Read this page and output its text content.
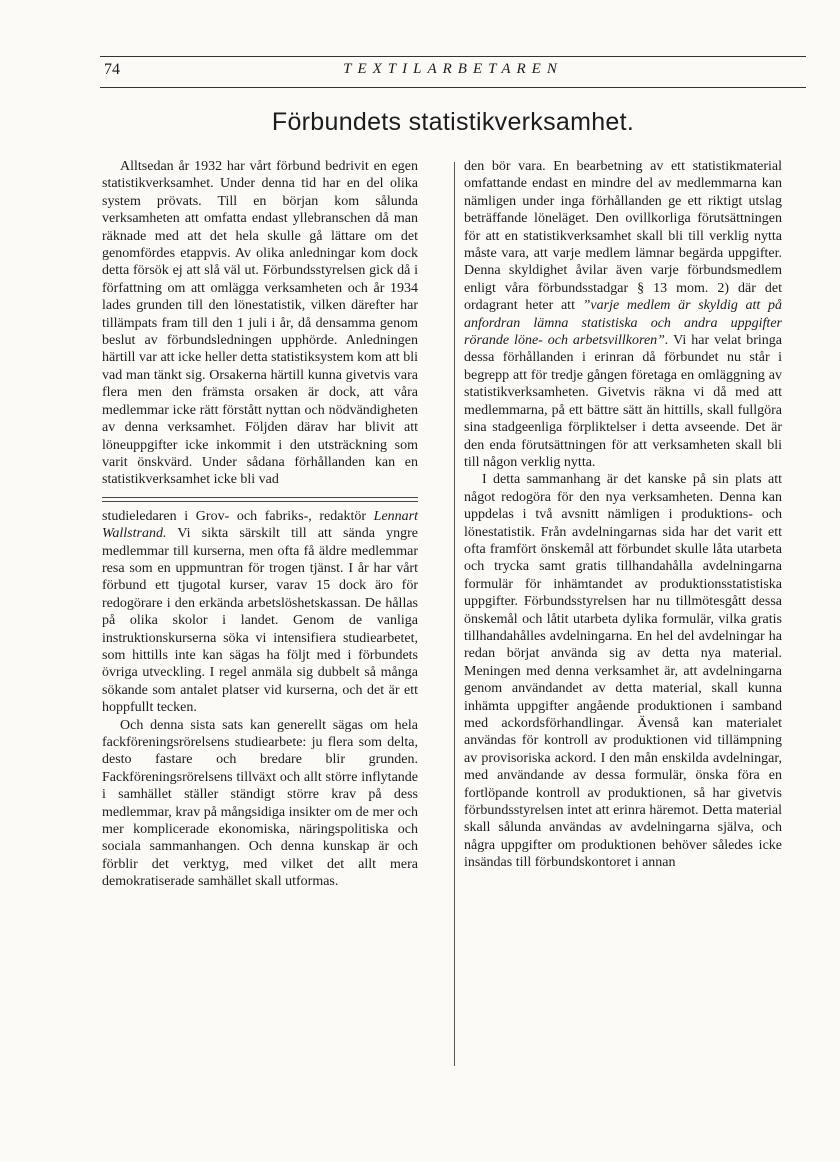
74	TEXTILARBETAREN
Förbundets statistikverksamhet.

Alltsedan år 1932 har vårt förbund bedrivit en egen statistikverksamhet. Under denna tid har en del olika system prövats. Till en början kom sålunda verksamheten att omfatta endast yllebranschen då man räknade med att det hela skulle gå lättare om det genomfördes etappvis. Av olika anledningar kom dock detta försök ej att slå väl ut. Förbundsstyrelsen gick då i författning om att omlägga verksamheten och år 1934 lades grunden till den lönestatistik, vilken därefter har tillämpats fram till den 1 juli i år, då densamma genom beslut av förbundsledningen upphörde. Anledningen härtill var att icke heller detta statistiksystem kom att bli vad man tänkt sig. Orsakerna härtill kunna givetvis vara flera men den främsta orsaken är dock, att våra medlemmar icke rätt förstått nyttan och nödvändigheten av denna verksamhet. Följden därav har blivit att löneuppgifter icke inkommit i den utsträckning som varit önskvärd. Under sådana förhållanden kan en statistikverksamhet icke bli vad

studieledaren i Grov- och fabriks-, redaktör Lennart Wallstrand. Vi sikta särskilt till att sända yngre medlemmar till kurserna, men ofta få äldre medlemmar resa som en uppmuntran för trogen tjänst. I år har vårt förbund ett tjugotal kurser, varav 15 dock äro för redogörare i den erkända arbetslöshetskassan. De hållas på olika skolor i landet. Genom de vanliga instruktionskurserna söka vi intensifiera studiearbetet, som hittills inte kan sägas ha följt med i förbundets övriga utveckling. I regel anmäla sig dubbelt så många sökande som antalet platser vid kurserna, och det är ett hoppfullt tecken.

Och denna sista sats kan generellt sägas om hela fackföreningsrörelsens studiearbete: ju flera som delta, desto fastare och bredare blir grunden. Fackföreningsrörelsens tillväxt och allt större inflytande i samhället ställer ständigt större krav på dess medlemmar, krav på mångsidiga insikter om de mer och mer komplicerade ekonomiska, näringspolitiska och sociala sammanhangen. Och denna kunskap är och förblir det verktyg, med vilket det allt mera demokratiserade samhället skall utformas.

den bör vara. En bearbetning av ett statistikmaterial omfattande endast en mindre del av medlemmarna kan nämligen under inga förhållanden ge ett riktigt utslag beträffande löneläget. Den ovillkorliga förutsättningen för att en statistikverksamhet skall bli till verklig nytta måste vara, att varje medlem lämnar begärda uppgifter. Denna skyldighet åvilar även varje förbundsmedlem enligt våra förbundsstadgar § 13 mom. 2) där det ordagrant heter att ”varje medlem är skyldig att på anfordran lämna statistiska och andra uppgifter rörande löne- och arbetsvillkoren”. Vi har velat bringa dessa förhållanden i erinran då förbundet nu står i begrepp att för tredje gången företaga en omläggning av statistikverksamheten. Givetvis räkna vi då med att medlemmarna, på ett bättre sätt än hittills, skall fullgöra sina stadgeenliga förpliktelser i detta avseende. Det är den enda förutsättningen för att verksamheten skall bli till någon verklig nytta.

I detta sammanhang är det kanske på sin plats att något redogöra för den nya verksamheten. Denna kan uppdelas i två avsnitt nämligen i produktions- och lönestatistik. Från avdelningarnas sida har det varit ett ofta framfört önskemål att förbundet skulle låta utarbeta och trycka samt gratis tillhandahålla avdelningarna formulär för inhämtandet av produktionsstatistiska uppgifter. Förbundsstyrelsen har nu tillmötesgått dessa önskemål och låtit utarbeta dylika formulär, vilka gratis tillhandahålles avdelningarna. En hel del avdelningar ha redan börjat använda sig av detta nya material. Meningen med denna verksamhet är, att avdelningarna genom användandet av detta material, skall kunna inhämta uppgifter angående produktionen i samband med ackordsförhandlingar. Ävenså kan materialet användas för kontroll av produktionen vid tillämpning av provisoriska ackord. I den mån enskilda avdelningar, med användande av dessa formulär, önska föra en fortlöpande kontroll av produktionen, så har givetvis förbundsstyrelsen intet att erinra häremot. Detta material skall sålunda användas av avdelningarna själva, och några uppgifter om produktionen behöver således icke insändas till förbundskontoret i annan
